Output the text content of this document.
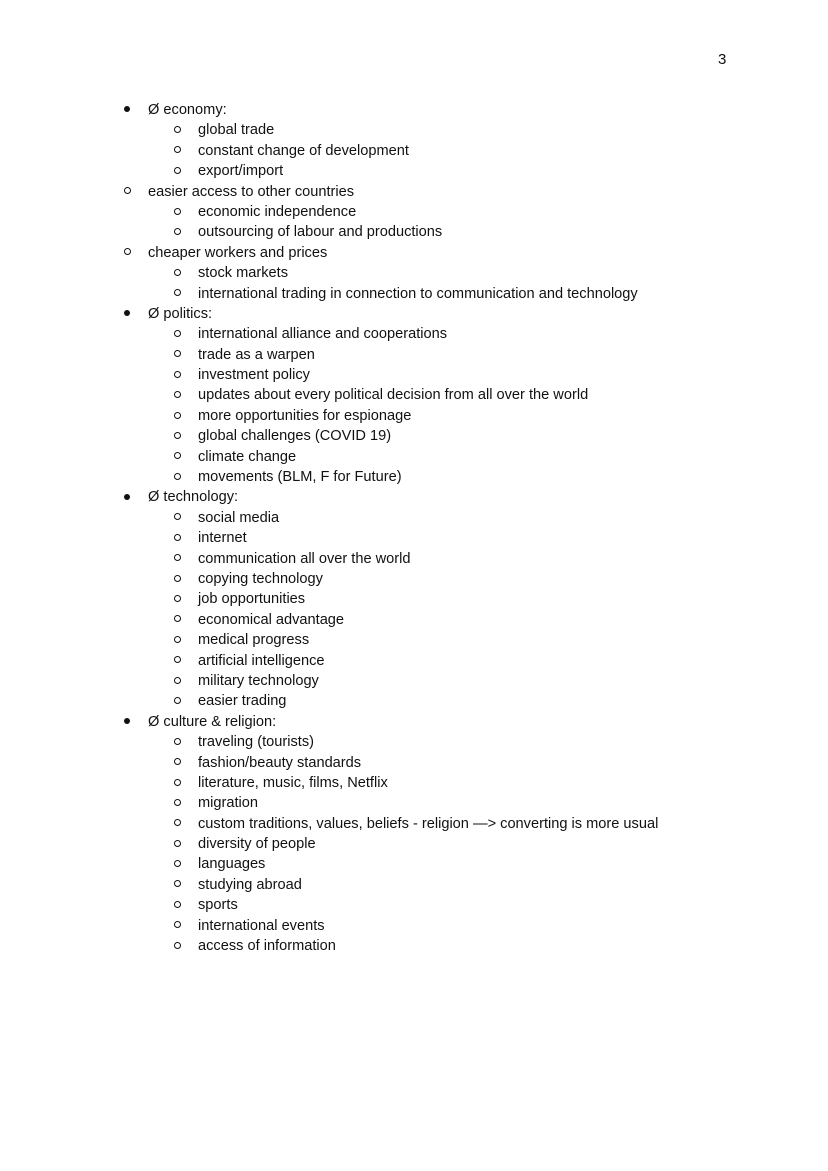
3
Ø economy:
global trade
constant change of development
export/import
easier access to other countries
economic independence
outsourcing of labour and productions
cheaper workers and prices
stock markets
international trading in connection to communication and technology
Ø politics:
international alliance and cooperations
trade as a warpen
investment policy
updates about every political decision from all over the world
more opportunities for espionage
global challenges (COVID 19)
climate change
movements (BLM, F for Future)
Ø technology:
social media
internet
communication all over the world
copying technology
job opportunities
economical advantage
medical progress
artificial intelligence
military technology
easier trading
Ø culture & religion:
traveling (tourists)
fashion/beauty standards
literature, music, films, Netflix
migration
custom traditions, values, beliefs - religion —> converting is more usual
diversity of people
languages
studying abroad
sports
international events
access of information
